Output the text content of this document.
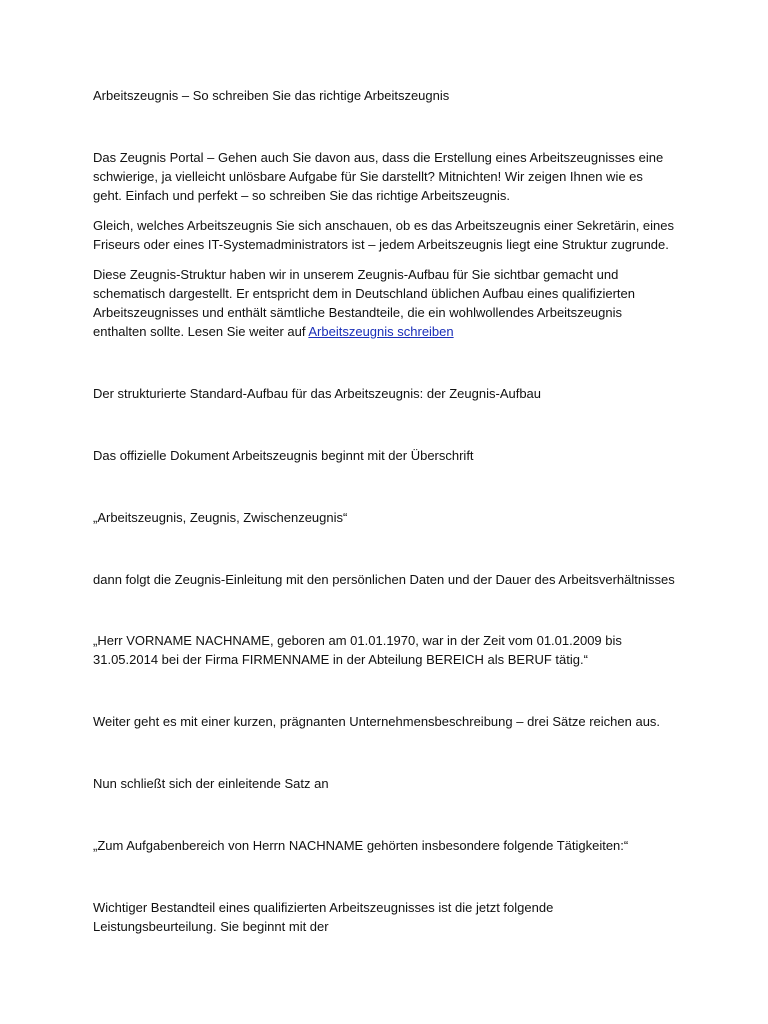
Arbeitszeugnis – So schreiben Sie das richtige Arbeitszeugnis

Das Zeugnis Portal – Gehen auch Sie davon aus, dass die Erstellung eines Arbeitszeugnisses eine

schwierige, ja vielleicht unlösbare Aufgabe für Sie darstellt? Mitnichten! Wir zeigen Ihnen wie es

geht. Einfach und perfekt – so schreiben Sie das richtige Arbeitszeugnis.

Gleich, welches Arbeitszeugnis Sie sich anschauen, ob es das Arbeitszeugnis einer Sekretärin, eines

Friseurs oder eines IT-Systemadministrators ist – jedem Arbeitszeugnis liegt eine Struktur zugrunde.

Diese Zeugnis-Struktur haben wir in unserem Zeugnis-Aufbau für Sie sichtbar gemacht und

schematisch dargestellt. Er entspricht dem in Deutschland üblichen Aufbau eines qualifizierten

Arbeitszeugnisses und enthält sämtliche Bestandteile, die ein wohlwollendes Arbeitszeugnis

enthalten sollte. Lesen Sie weiter auf Arbeitszeugnis schreiben

Der strukturierte Standard-Aufbau für das Arbeitszeugnis: der Zeugnis-Aufbau

Das offizielle Dokument Arbeitszeugnis beginnt mit der Überschrift

„Arbeitszeugnis, Zeugnis, Zwischenzeugnis“

dann folgt die Zeugnis-Einleitung mit den persönlichen Daten und der Dauer des Arbeitsverhältnisses

„Herr VORNAME NACHNAME, geboren am 01.01.1970, war in der Zeit vom 01.01.2009 bis

31.05.2014 bei der Firma FIRMENNAME in der Abteilung BEREICH als BERUF tätig.“

Weiter geht es mit einer kurzen, prägnanten Unternehmensbeschreibung – drei Sätze reichen aus.

Nun schließt sich der einleitende Satz an

„Zum Aufgabenbereich von Herrn NACHNAME gehörten insbesondere folgende Tätigkeiten:“

Wichtiger Bestandteil eines qualifizierten Arbeitszeugnisses ist die jetzt folgende

Leistungsbeurteilung. Sie beginnt mit der
